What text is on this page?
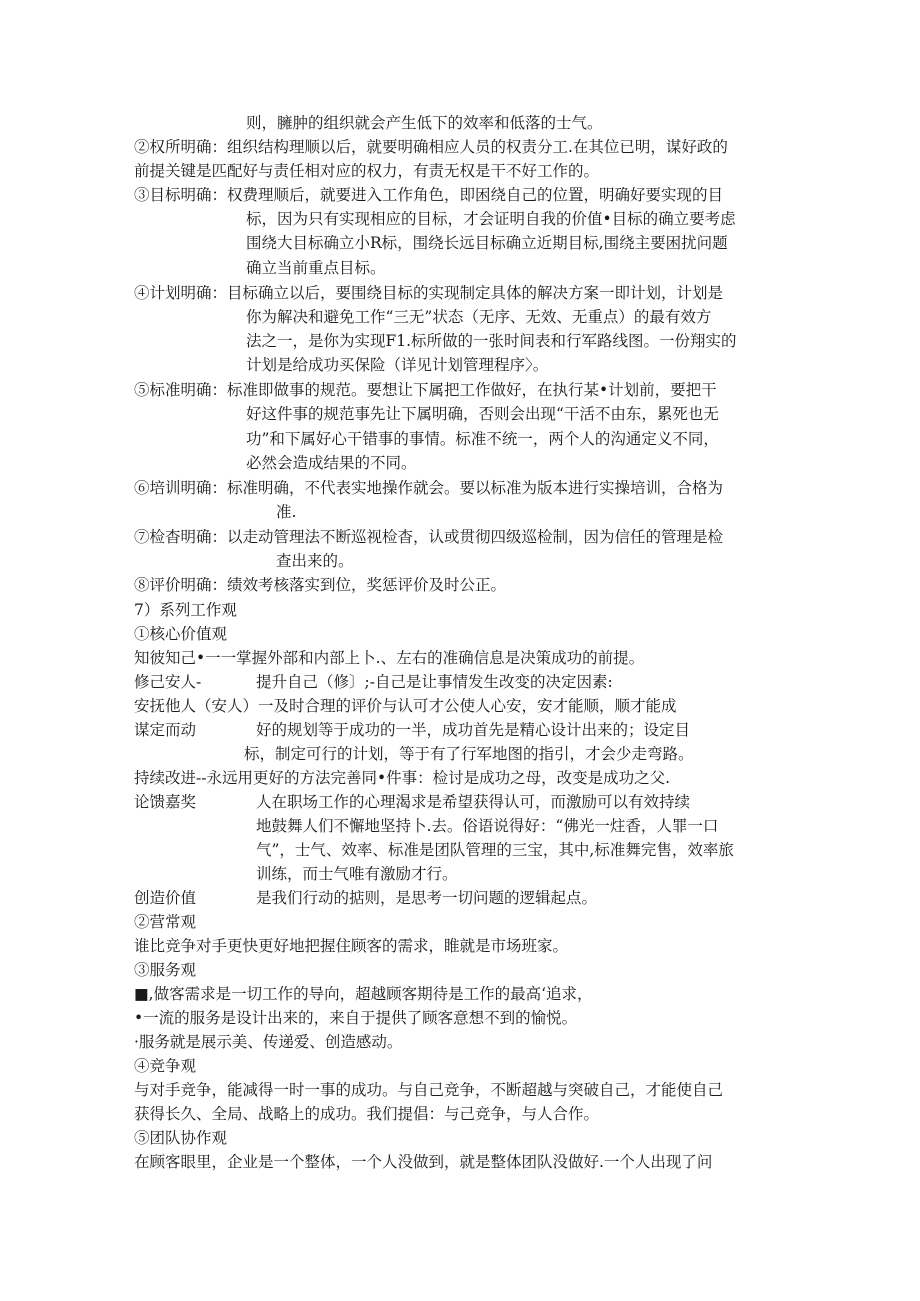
则，臃肿的组织就会产生低下的效率和低落的士气。
②权所明确：组织结构理顺以后，就要明确相应人员的权责分工.在其位已明，谋好政的
前提关键是匹配好与责任相对应的权力，有责无权是干不好工作的。
③目标明确：权费理顺后，就要进入工作角色，即困绕自己的位置，明确好要实现的目
标，因为只有实现相应的目标，才会证明自我的价值•目标的确立要考虑
围绕大目标确立小R标，围绕长远目标确立近期目标,围绕主要困扰问题
确立当前重点目标。
④计划明确：目标确立以后，要围绕目标的实现制定具体的解决方案一即计划，计划是
你为解决和避免工作“三无”状态（无序、无效、无重点）的最有效方
法之一，是你为实现F1.标所做的一张时间表和行军路线图。一份翔实的
计划是给成功买保险（详见计划管理程序〉。
⑤标准明确：标准即做事的规范。要想让下属把工作做好，在执行某•计划前，要把干
好这件事的规范事先让下属明确，否则会出现“干活不由东，累死也无
功”和下属好心干错事的事情。标准不统一，两个人的沟通定义不同，
必然会造成结果的不同。
⑥培训明确：标准明确，不代表实地操作就会。要以标准为版本进行实操培训，合格为
准.
⑦检杳明确：以走动管理法不断巡视检杳，认或贯彻四级巡检制，因为信任的管理是检
查出来的。
⑧评价明确：绩效考核落实到位，奖惩评价及时公正。
7）系列工作观
①核心价值观
知彼知己•一一掌握外部和内部上卜.、左右的准确信息是决策成功的前提。
修己安人-	提升自己（修〕;-自己是让事情发生改变的决定因素:
安抚他人（安人）一及时合理的评价与认可才公使人心安，安才能顺，顺才能成
谋定而动	好的规划等于成功的一半，成功首先是精心设计出来的；设定目
标，制定可行的计划，等于有了行军地图的指引，才会少走弯路。
持续改进--永远用更好的方法完善同•件事：检讨是成功之母，改变是成功之父.
论馈嘉奖	人在职场工作的心理渴求是希望获得认可，而激励可以有效持续
地鼓舞人们不懈地坚持卜.去。俗语说得好：“佛光一炷香，人罪一口
气”，士气、效率、标准是团队管理的三宝，其中,标准舞完售，效率旅
训练，而士气唯有激励才行。
创造价值	是我们行动的掂则，是思考一切问题的逻辑起点。
②营常观
谁比竞争对手更快更好地把握住顾客的需求，睢就是市场班家。
③服务观
■,做客需求是一切工作的导向，超越顾客期待是工作的最高‘追求，
•一流的服务是设计出来的，来自于提供了顾客意想不到的愉悦。
·服务就是展示美、传递爱、创造感动。
④竞争观
与对手竞争，能减得一时一事的成功。与自己竞争，不断超越与突破自己，才能使自己
获得长久、全局、战略上的成功。我们提倡：与己竞争，与人合作。
⑤团队协作观
在顾客眼里，企业是一个整体，一个人没做到，就是整体团队没做好.一个人出现了问
